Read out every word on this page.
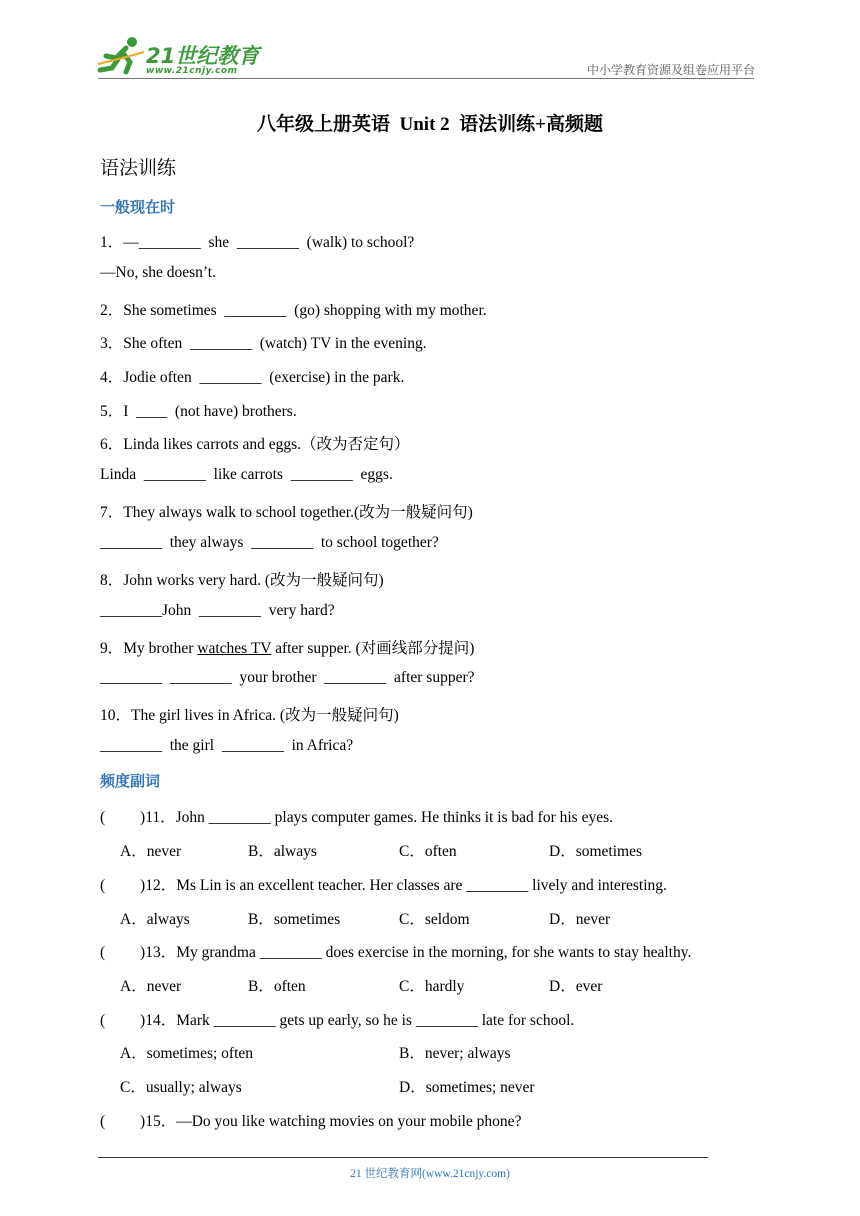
21世纪教育
www.21cnjy.com	中小学教育资源及组卷应用平台
八年级上册英语  Unit 2  语法训练+高频题
语法训练
一般现在时
1．—________  she  ________  (walk) to school?
—No, she doesn’t.
2．She sometimes  ________  (go) shopping with my mother.
3．She often  ________  (watch) TV in the evening.
4．Jodie often  ________  (exercise) in the park.
5．I  ____  (not have) brothers.
6．Linda likes carrots and eggs.（改为否定句）
Linda  ________  like carrots  ________  eggs.
7．They always walk to school together.(改为一般疑问句)
________  they always  ________  to school together?
8．John works very hard. (改为一般疑问句)
________John  ________  very hard?
9．My brother watches TV after supper. (对画线部分提问)
________  ________  your brother  ________  after supper?
10．The girl lives in Africa. (改为一般疑问句)
________  the girl  ________  in Africa?
频度副词
(         )11．John ________ plays computer games. He thinks it is bad for his eyes.
A．never	B．always	C．often	D．sometimes
(         )12．Ms Lin is an excellent teacher. Her classes are ________ lively and interesting.
A．always	B．sometimes	C．seldom	D．never
(         )13．My grandma ________ does exercise in the morning, for she wants to stay healthy.
A．never	B．often	C．hardly	D．ever
(         )14．Mark ________ gets up early, so he is ________ late for school.
A．sometimes; often	B．never; always
C．usually; always	D．sometimes; never
(         )15．—Do you like watching movies on your mobile phone?
21 世纪教育网(www.21cnjy.com)
